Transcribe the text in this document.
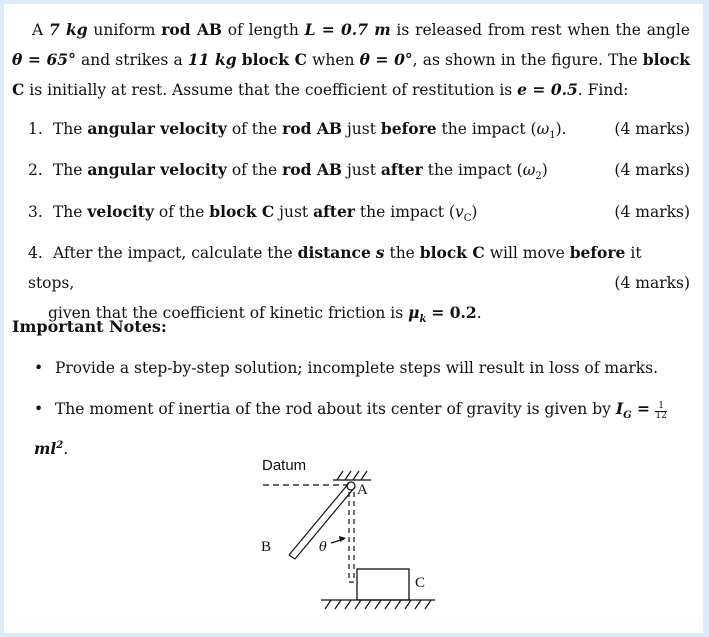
A 7 kg uniform rod AB of length L = 0.7 m is released from rest when the angle θ = 65° and strikes a 11 kg block C when θ = 0°, as shown in the figure. The block C is initially at rest. Assume that the coefficient of restitution is e = 0.5. Find:

1. The angular velocity of the rod AB just before the impact $(\omega_1)$.	(4 marks)
2. The angular velocity of the rod AB just after the impact $(\omega_2)$	(4 marks)
3. The velocity of the block C just after the impact $(v_C)$	(4 marks)
4. After the impact, calculate the distance s the block C will move before it stops,
given that the coefficient of kinetic friction is $\mu_k = 0.2$.
(4 marks)
Important Notes:
• Provide a step-by-step solution; incomplete steps will result in loss of marks.
• The moment of inertia of the rod about its center of gravity is given by $I_G = \frac{1}{12}$
$ml^2$.
Datum
A
B	θ
C
